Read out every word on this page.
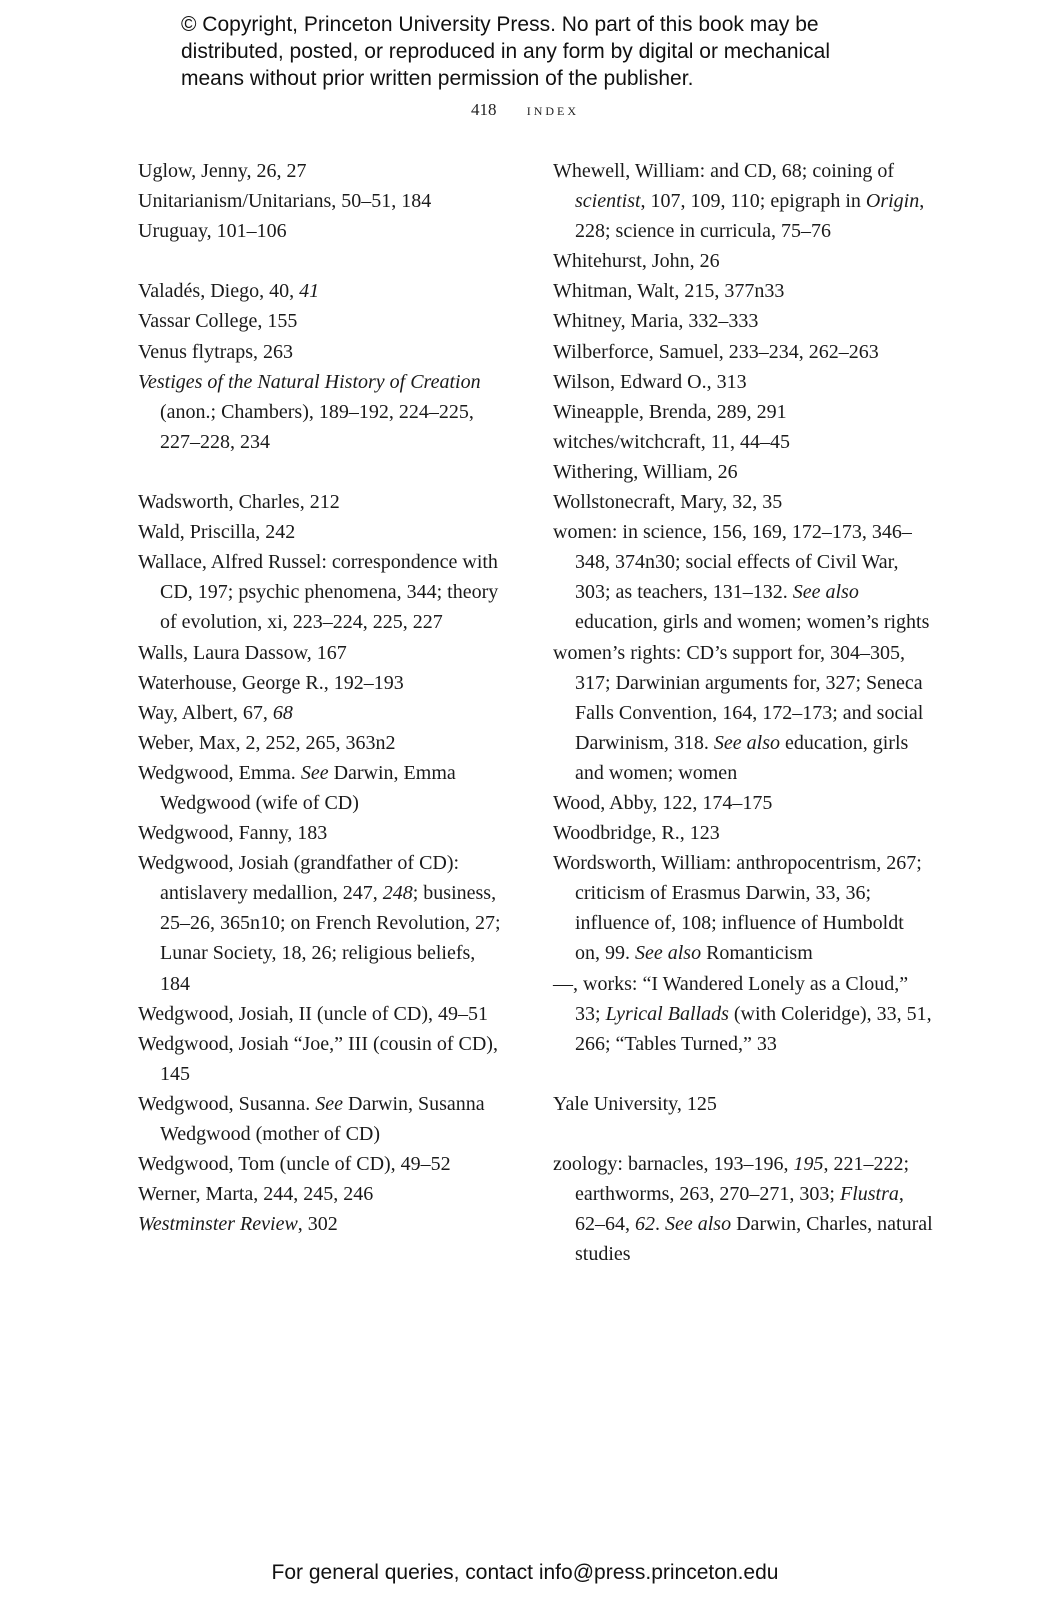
© Copyright, Princeton University Press. No part of this book may be
distributed, posted, or reproduced in any form by digital or mechanical
means without prior written permission of the publisher.
418 index
Uglow, Jenny, 26, 27
Unitarianism/Unitarians, 50–51, 184
Uruguay, 101–106
Valadés, Diego, 40, 41
Vassar College, 155
Venus flytraps, 263
Vestiges of the Natural History of Creation (anon.; Chambers), 189–192, 224–225, 227–228, 234
Wadsworth, Charles, 212
Wald, Priscilla, 242
Wallace, Alfred Russel: correspondence with CD, 197; psychic phenomena, 344; theory of evolution, xi, 223–224, 225, 227
Walls, Laura Dassow, 167
Waterhouse, George R., 192–193
Way, Albert, 67, 68
Weber, Max, 2, 252, 265, 363n2
Wedgwood, Emma. See Darwin, Emma Wedgwood (wife of CD)
Wedgwood, Fanny, 183
Wedgwood, Josiah (grandfather of CD): antislavery medallion, 247, 248; business, 25–26, 365n10; on French Revolution, 27; Lunar Society, 18, 26; religious beliefs, 184
Wedgwood, Josiah, II (uncle of CD), 49–51
Wedgwood, Josiah “Joe,” III (cousin of CD), 145
Wedgwood, Susanna. See Darwin, Susanna Wedgwood (mother of CD)
Wedgwood, Tom (uncle of CD), 49–52
Werner, Marta, 244, 245, 246
Westminster Review, 302
Whewell, William: and CD, 68; coining of scientist, 107, 109, 110; epigraph in Origin, 228; science in curricula, 75–76
Whitehurst, John, 26
Whitman, Walt, 215, 377n33
Whitney, Maria, 332–333
Wilberforce, Samuel, 233–234, 262–263
Wilson, Edward O., 313
Wineapple, Brenda, 289, 291
witches/witchcraft, 11, 44–45
Withering, William, 26
Wollstonecraft, Mary, 32, 35
women: in science, 156, 169, 172–173, 346–348, 374n30; social effects of Civil War, 303; as teachers, 131–132. See also education, girls and women; women’s rights
women’s rights: CD’s support for, 304–305, 317; Darwinian arguments for, 327; Seneca Falls Convention, 164, 172–173; and social Darwinism, 318. See also education, girls and women; women
Wood, Abby, 122, 174–175
Woodbridge, R., 123
Wordsworth, William: anthropocentrism, 267; criticism of Erasmus Darwin, 33, 36; influence of, 108; influence of Humboldt on, 99. See also Romanticism
—, works: “I Wandered Lonely as a Cloud,” 33; Lyrical Ballads (with Coleridge), 33, 51, 266; “Tables Turned,” 33
Yale University, 125
zoology: barnacles, 193–196, 195, 221–222; earthworms, 263, 270–271, 303; Flustra, 62–64, 62. See also Darwin, Charles, natural studies
For general queries, contact info@press.princeton.edu
